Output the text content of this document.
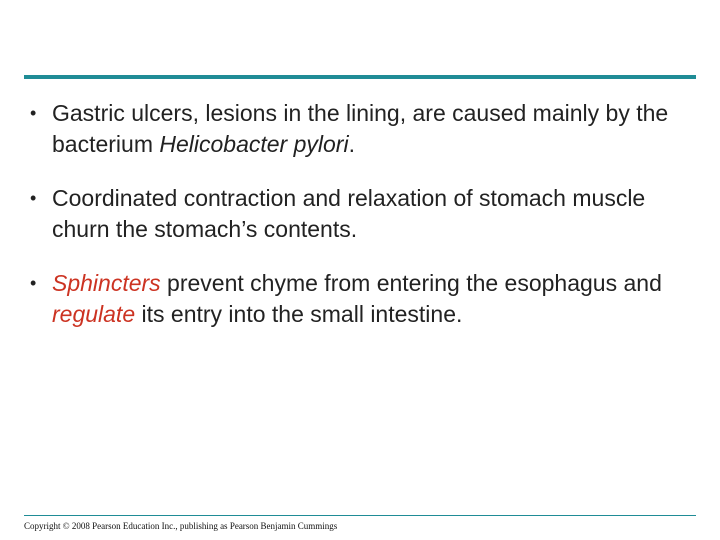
• Gastric ulcers, lesions in the lining, are caused mainly by the bacterium Helicobacter pylori.
• Coordinated contraction and relaxation of stomach muscle churn the stomach’s contents.
• Sphincters prevent chyme from entering the esophagus and regulate its entry into the small intestine.
Copyright © 2008 Pearson Education Inc., publishing as Pearson Benjamin Cummings
